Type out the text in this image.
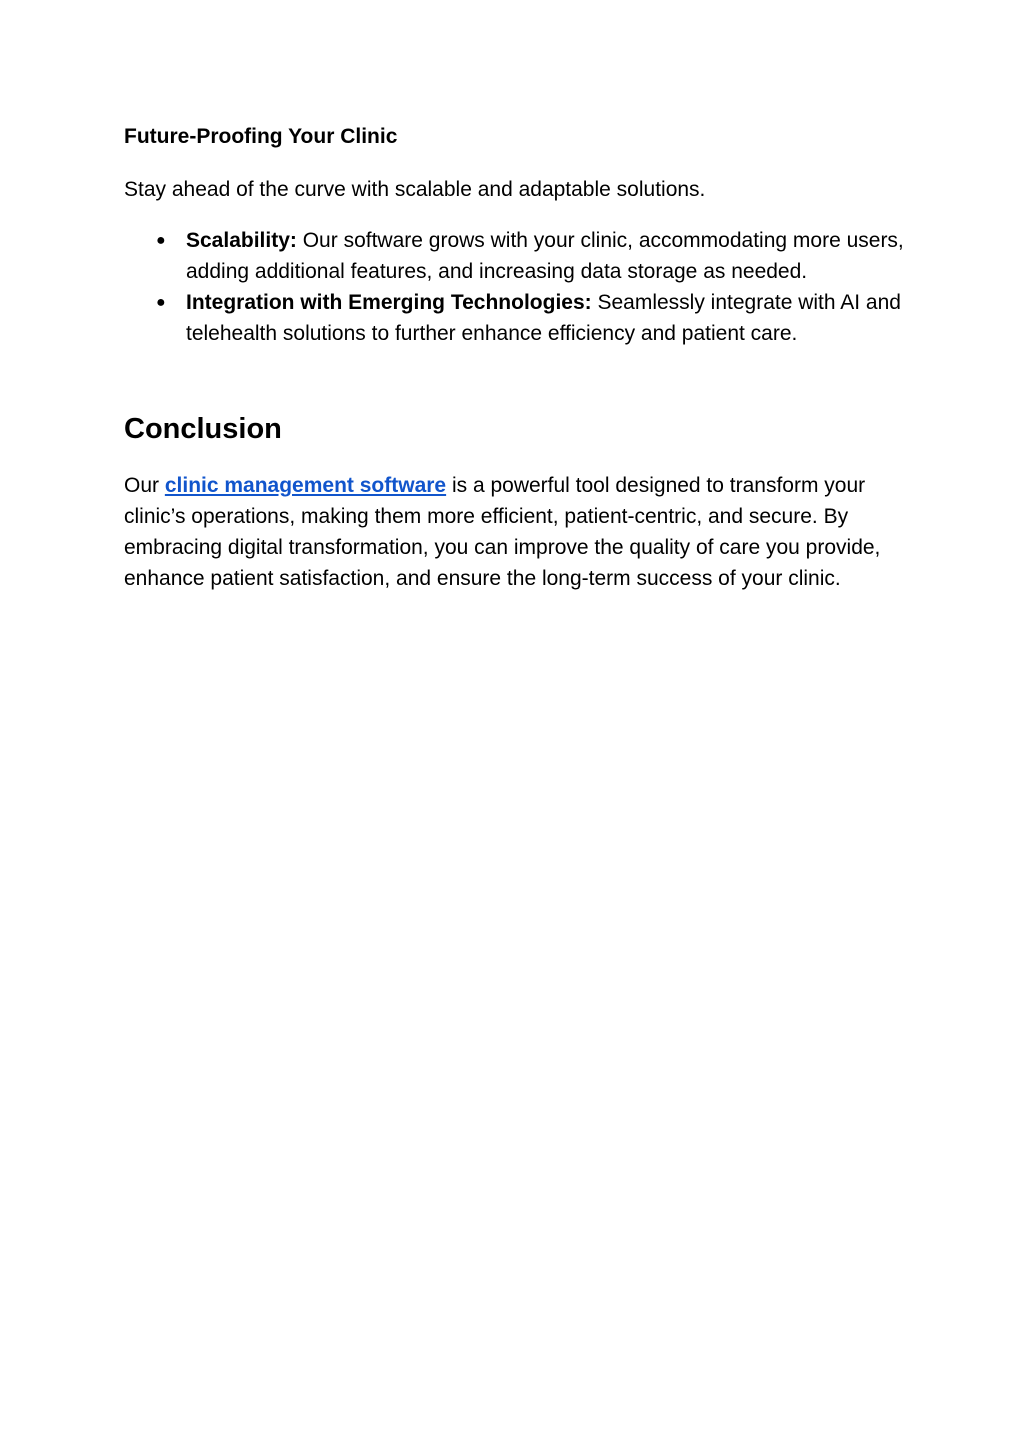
Future-Proofing Your Clinic

Stay ahead of the curve with scalable and adaptable solutions.

● Scalability: Our software grows with your clinic, accommodating more users, adding additional features, and increasing data storage as needed.
● Integration with Emerging Technologies: Seamlessly integrate with AI and telehealth solutions to further enhance efficiency and patient care.
Conclusion

Our clinic management software is a powerful tool designed to transform your clinic’s operations, making them more efficient, patient-centric, and secure. By embracing digital transformation, you can improve the quality of care you provide, enhance patient satisfaction, and ensure the long-term success of your clinic.
